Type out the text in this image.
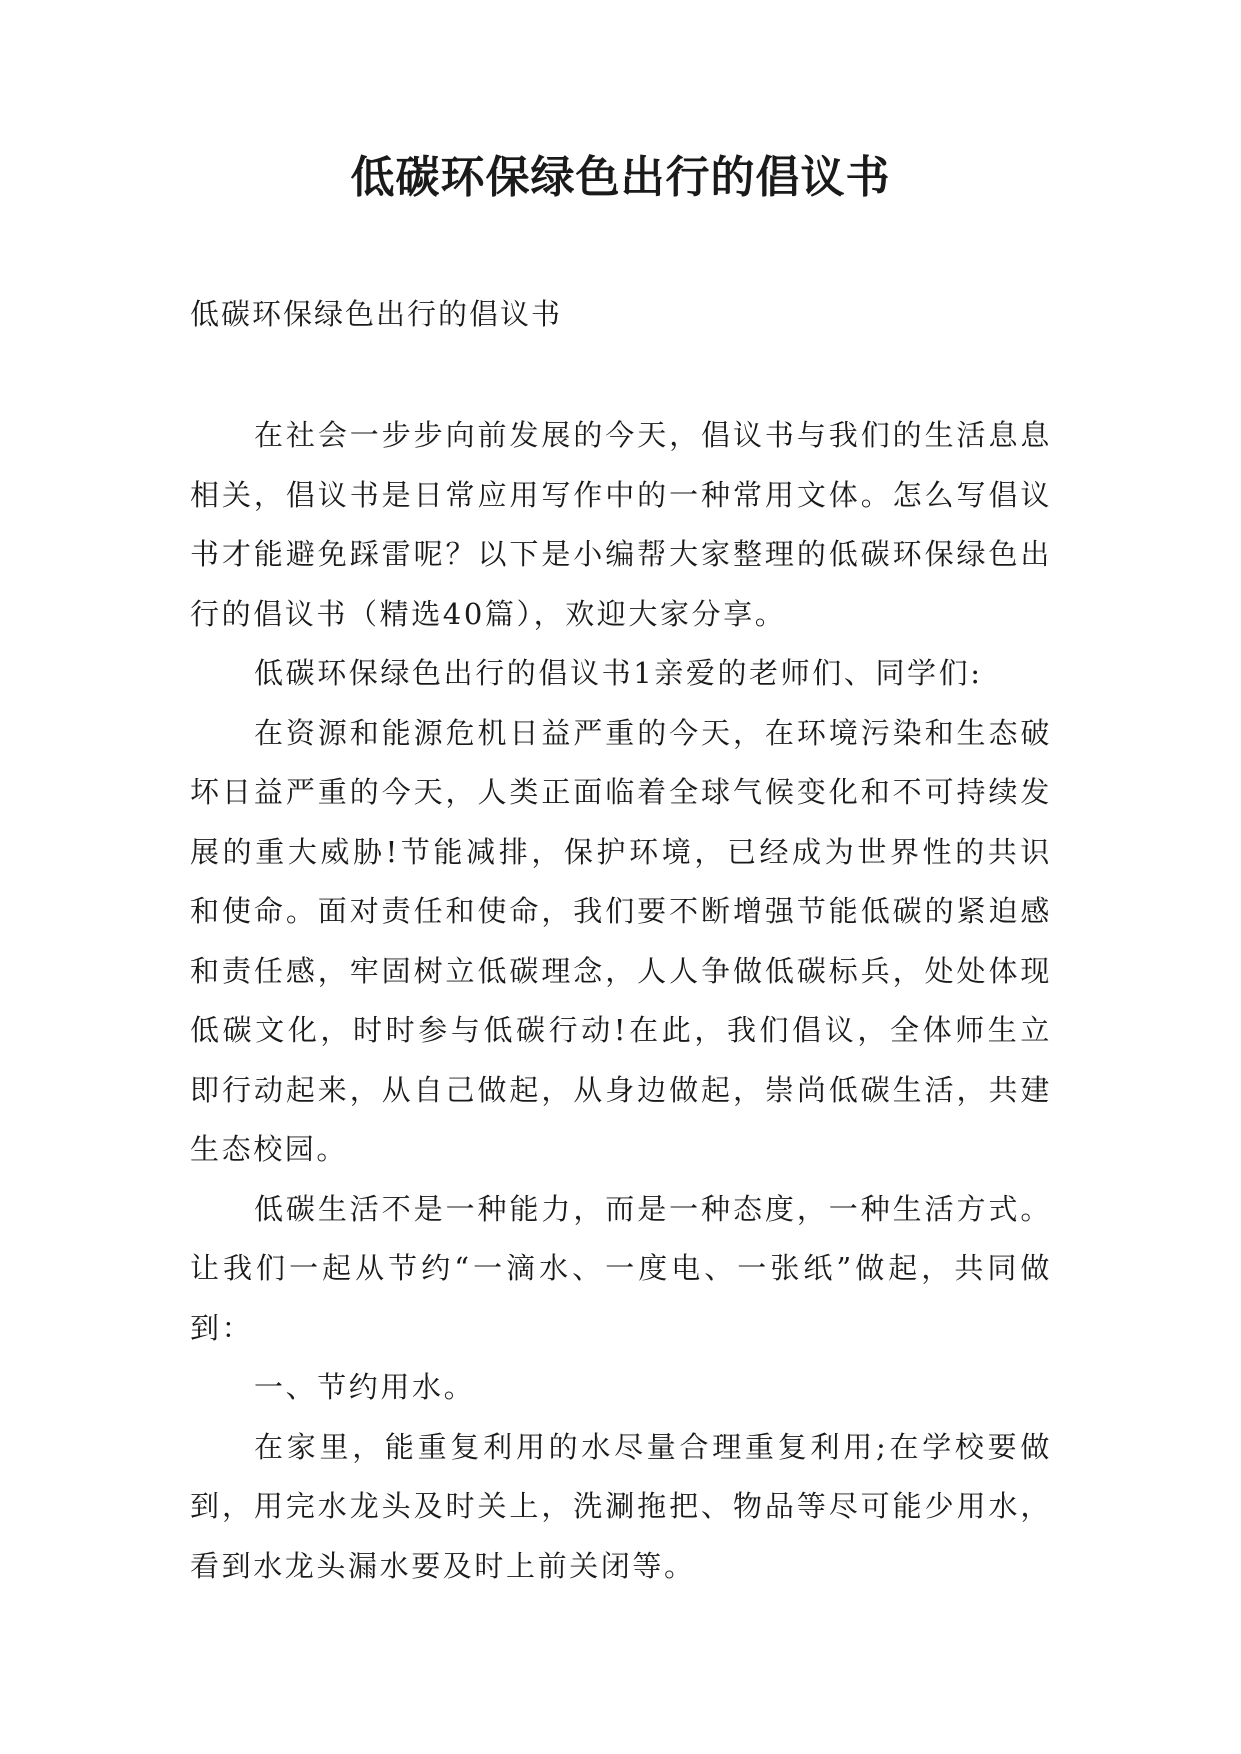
低碳环保绿色出行的倡议书

低碳环保绿色出行的倡议书

在社会一步步向前发展的今天，倡议书与我们的生活息息相关，倡议书是日常应用写作中的一种常用文体。怎么写倡议书才能避免踩雷呢？以下是小编帮大家整理的低碳环保绿色出行的倡议书（精选40篇），欢迎大家分享。

低碳环保绿色出行的倡议书1亲爱的老师们、同学们:

在资源和能源危机日益严重的今天，在环境污染和生态破坏日益严重的今天，人类正面临着全球气候变化和不可持续发展的重大威胁!节能减排，保护环境，已经成为世界性的共识和使命。面对责任和使命，我们要不断增强节能低碳的紧迫感和责任感，牢固树立低碳理念，人人争做低碳标兵，处处体现低碳文化，时时参与低碳行动!在此，我们倡议，全体师生立即行动起来，从自己做起，从身边做起，崇尚低碳生活，共建生态校园。

低碳生活不是一种能力，而是一种态度，一种生活方式。让我们一起从节约“一滴水、一度电、一张纸”做起，共同做到：

一、节约用水。

在家里，能重复利用的水尽量合理重复利用;在学校要做到，用完水龙头及时关上，洗涮拖把、物品等尽可能少用水，看到水龙头漏水要及时上前关闭等。
